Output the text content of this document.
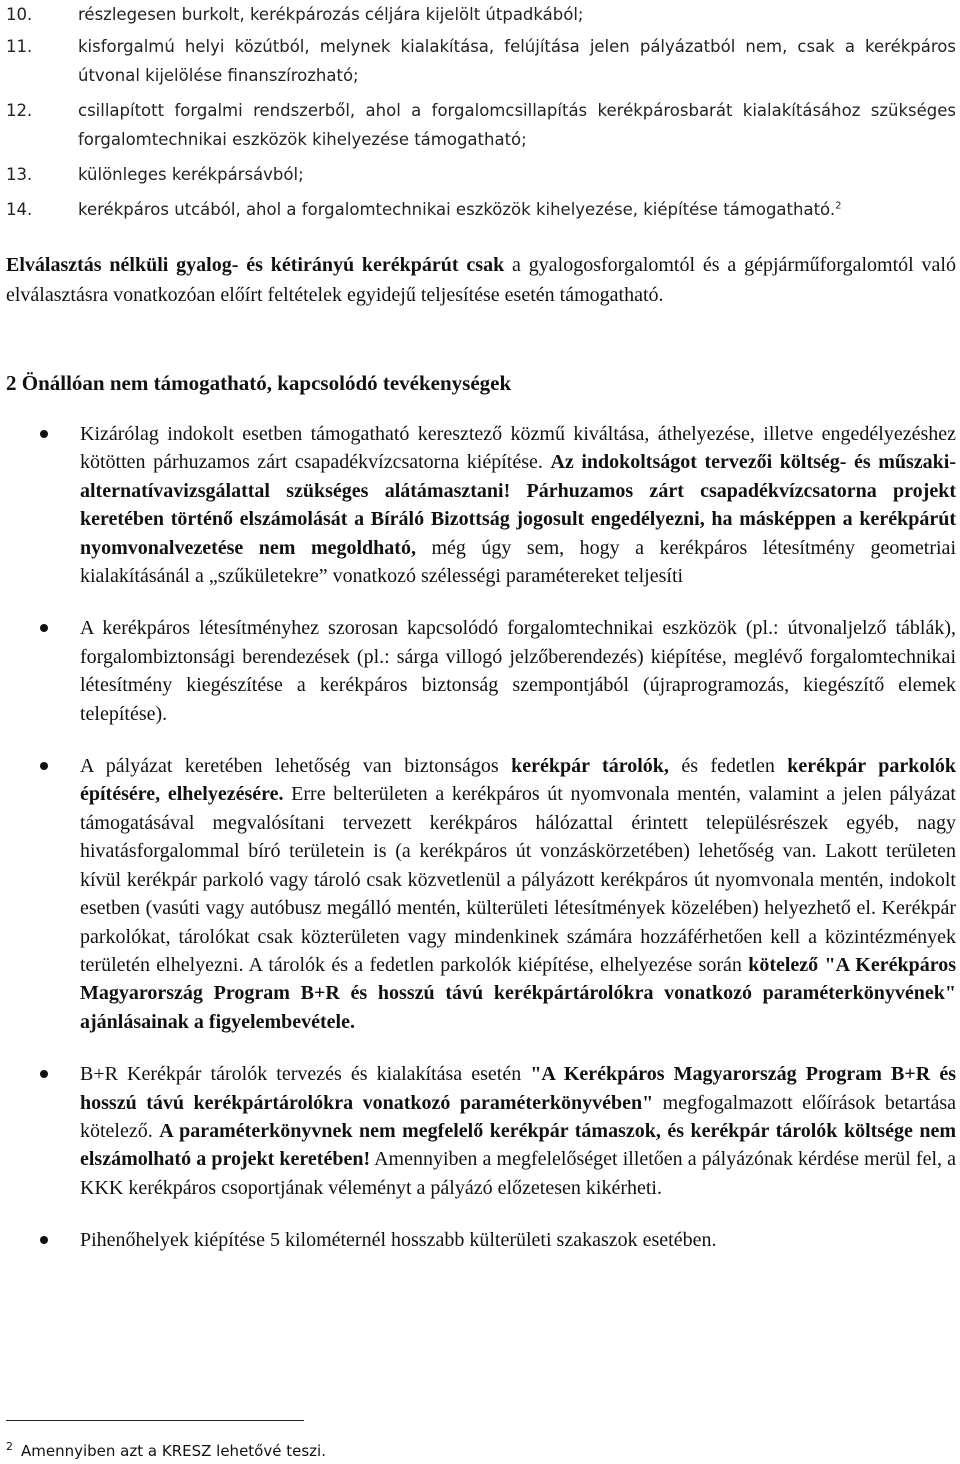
10.	részlegesen burkolt, kerékpározás céljára kijelölt útpadkából;
11.	kisforgalmú helyi közútból, melynek kialakítása, felújítása jelen pályázatból nem, csak a kerékpáros útvonal kijelölése finanszírozható;
12.	csillapított forgalmi rendszerből, ahol a forgalomcsillapítás kerékpárosbarát kialakításához szükséges forgalomtechnikai eszközök kihelyezése támogatható;
13.	különleges kerékpársávból;
14.	kerékpáros utcából, ahol a forgalomtechnikai eszközök kihelyezése, kiépítése támogatható.$^2$

Elválasztás nélküli gyalog- és kétirányú kerékpárút csak a gyalogosforgalomtól és a gépjárműforgalomtól való elválasztásra vonatkozóan előírt feltételek egyidejű teljesítése esetén támogatható.

2 Önállóan nem támogatható, kapcsolódó tevékenységek
Kizárólag indokolt esetben támogatható keresztező közmű kiváltása, áthelyezése, illetve engedélyezéshez kötötten párhuzamos zárt csapadékvízcsatorna kiépítése. Az indokoltságot tervezői költség- és műszaki-alternatívavizsgálattal szükséges alátámasztani! Párhuzamos zárt csapadékvízcsatorna projekt keretében történő elszámolását a Bíráló Bizottság jogosult engedélyezni, ha másképpen a kerékpárút nyomvonalvezetése nem megoldható, még úgy sem, hogy a kerékpáros létesítmény geometriai kialakításánál a „szűkületekre” vonatkozó szélességi paramétereket teljesíti
A kerékpáros létesítményhez szorosan kapcsolódó forgalomtechnikai eszközök (pl.: útvonaljelző táblák), forgalombiztonsági berendezések (pl.: sárga villogó jelzőberendezés) kiépítése, meglévő forgalomtechnikai létesítmény kiegészítése a kerékpáros biztonság szempontjából (újraprogramozás, kiegészítő elemek telepítése).
A pályázat keretében lehetőség van biztonságos kerékpár tárolók, és fedetlen kerékpár parkolók építésére, elhelyezésére. Erre belterületen a kerékpáros út nyomvonala mentén, valamint a jelen pályázat támogatásával megvalósítani tervezett kerékpáros hálózattal érintett településrészek egyéb, nagy hivatásforgalommal bíró területein is (a kerékpáros út vonzáskörzetében) lehetőség van. Lakott területen kívül kerékpár parkoló vagy tároló csak közvetlenül a pályázott kerékpáros út nyomvonala mentén, indokolt esetben (vasúti vagy autóbusz megálló mentén, külterületi létesítmények közelében) helyezhető el. Kerékpár parkolókat, tárolókat csak közterületen vagy mindenkinek számára hozzáférhetően kell a közintézmények területén elhelyezni. A tárolók és a fedetlen parkolók kiépítése, elhelyezése során kötelező "A Kerékpáros Magyarország Program B+R és hosszú távú kerékpártárolókra vonatkozó paraméterkönyvének" ajánlásainak a figyelembevétele.
B+R Kerékpár tárolók tervezés és kialakítása esetén "A Kerékpáros Magyarország Program B+R és hosszú távú kerékpártárolókra vonatkozó paraméterkönyvében" megfogalmazott előírások betartása kötelező. A paraméterkönyvnek nem megfelelő kerékpár támaszok, és kerékpár tárolók költsége nem elszámolható a projekt keretében! Amennyiben a megfelelőséget illetően a pályázónak kérdése merül fel, a KKK kerékpáros csoportjának véleményt a pályázó előzetesen kikérheti.
Pihenőhelyek kiépítése 5 kilométernél hosszabb külterületi szakaszok esetében.
$^2$ Amennyiben azt a KRESZ lehetővé teszi.
